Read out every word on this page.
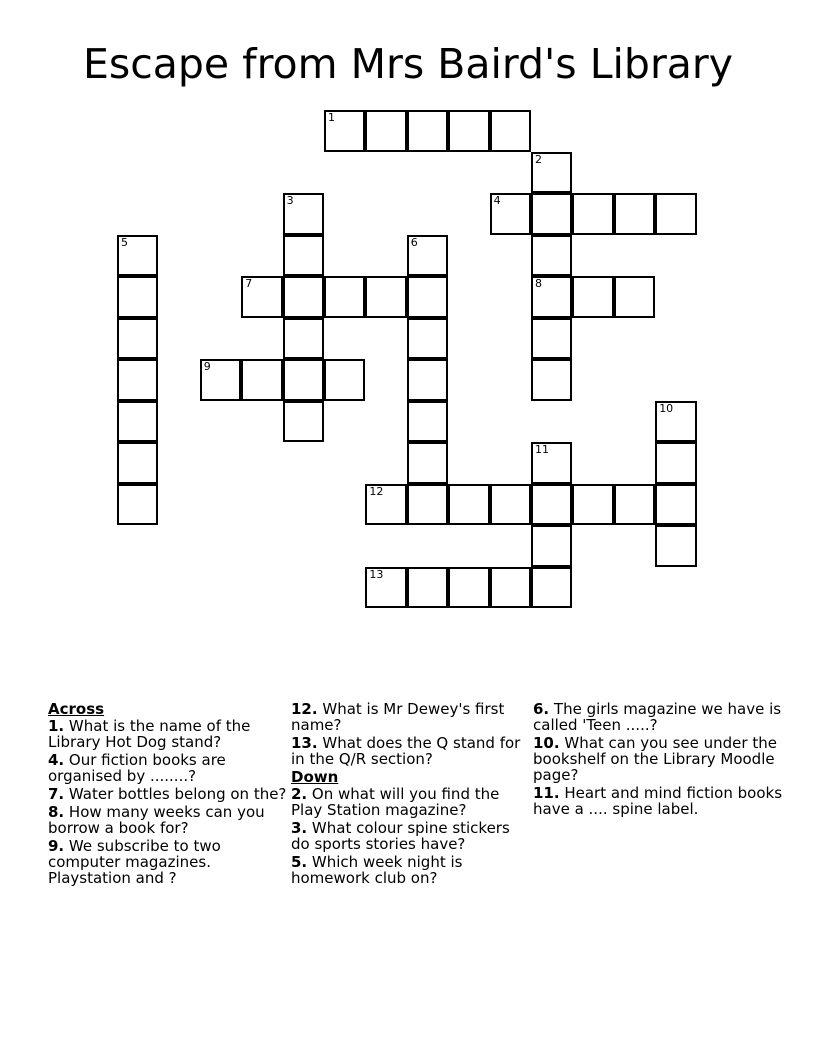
Escape from Mrs Baird's Library
1
2
8
3	4
5	6
7
9
10
11
12
13
Across
1. What is the name of the Library Hot Dog stand?
4. Our fiction books are organised by ........?
7. Water bottles belong on the?
8. How many weeks can you borrow a book for?
9. We subscribe to two computer magazines. Playstation and ?
12. What is Mr Dewey's first name?
13. What does the Q stand for in the Q/R section?
Down
2. On what will you find the Play Station magazine?
3. What colour spine stickers do sports stories have?
5. Which week night is homework club on?
6. The girls magazine we have is called 'Teen .....?
10. What can you see under the bookshelf on the Library Moodle page?
11. Heart and mind fiction books have a .... spine label.
